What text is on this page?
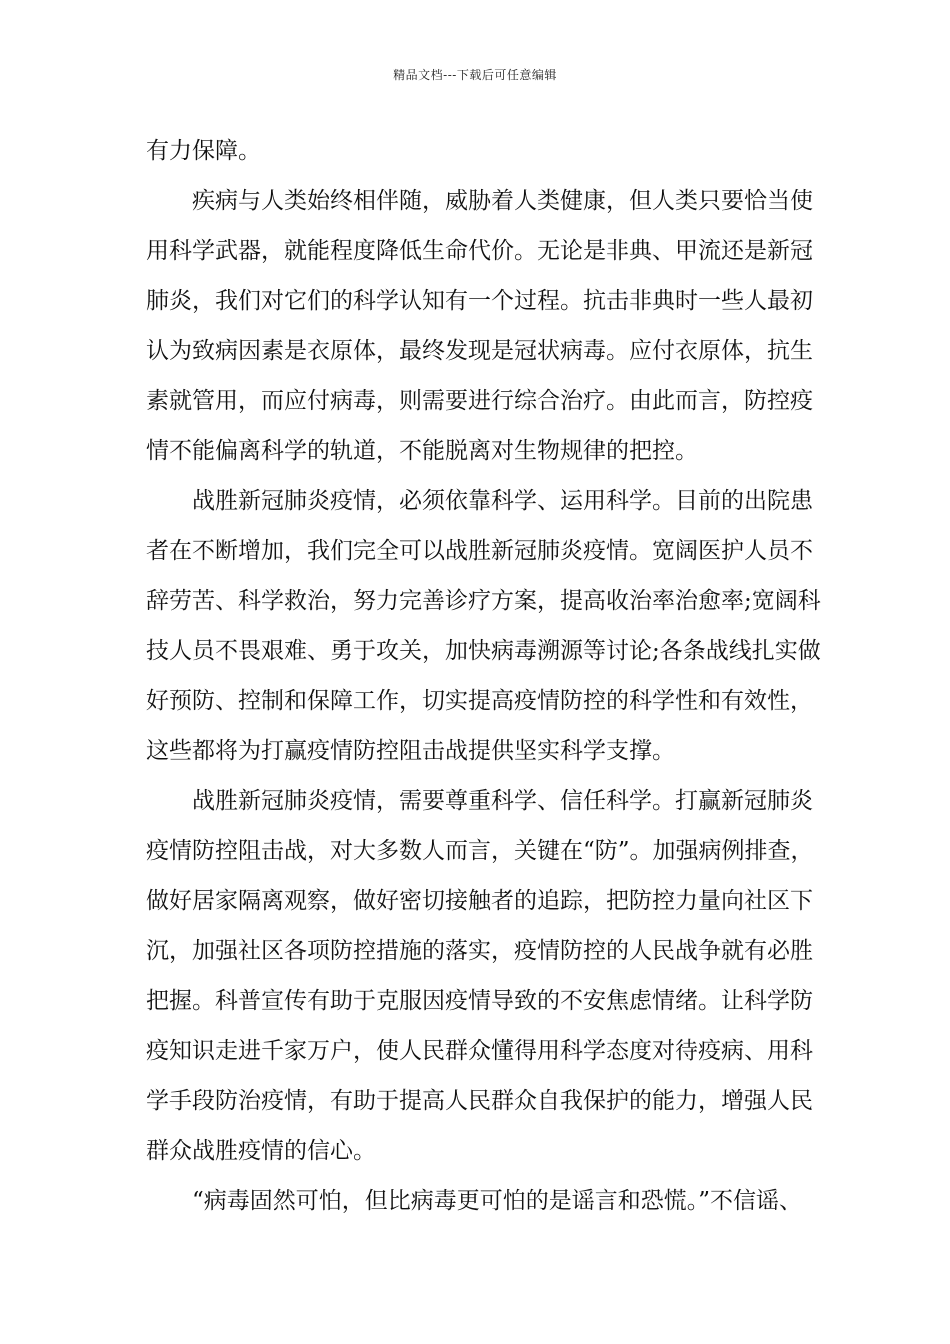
精品文档---下载后可任意编辑
有力保障。
疾病与人类始终相伴随，威胁着人类健康，但人类只要恰当使
用科学武器，就能程度降低生命代价。无论是非典、甲流还是新冠
肺炎，我们对它们的科学认知有一个过程。抗击非典时一些人最初
认为致病因素是衣原体，最终发现是冠状病毒。应付衣原体，抗生
素就管用，而应付病毒，则需要进行综合治疗。由此而言，防控疫
情不能偏离科学的轨道，不能脱离对生物规律的把控。
战胜新冠肺炎疫情，必须依靠科学、运用科学。目前的出院患
者在不断增加，我们完全可以战胜新冠肺炎疫情。宽阔医护人员不
辞劳苦、科学救治，努力完善诊疗方案，提高收治率治愈率;宽阔科
技人员不畏艰难、勇于攻关，加快病毒溯源等讨论;各条战线扎实做
好预防、控制和保障工作，切实提高疫情防控的科学性和有效性，
这些都将为打赢疫情防控阻击战提供坚实科学支撑。
战胜新冠肺炎疫情，需要尊重科学、信任科学。打赢新冠肺炎
疫情防控阻击战，对大多数人而言，关键在“防”。加强病例排查，
做好居家隔离观察，做好密切接触者的追踪，把防控力量向社区下
沉，加强社区各项防控措施的落实，疫情防控的人民战争就有必胜
把握。科普宣传有助于克服因疫情导致的不安焦虑情绪。让科学防
疫知识走进千家万户，使人民群众懂得用科学态度对待疫病、用科
学手段防治疫情，有助于提高人民群众自我保护的能力，增强人民
群众战胜疫情的信心。
“病毒固然可怕，但比病毒更可怕的是谣言和恐慌。”不信谣、
